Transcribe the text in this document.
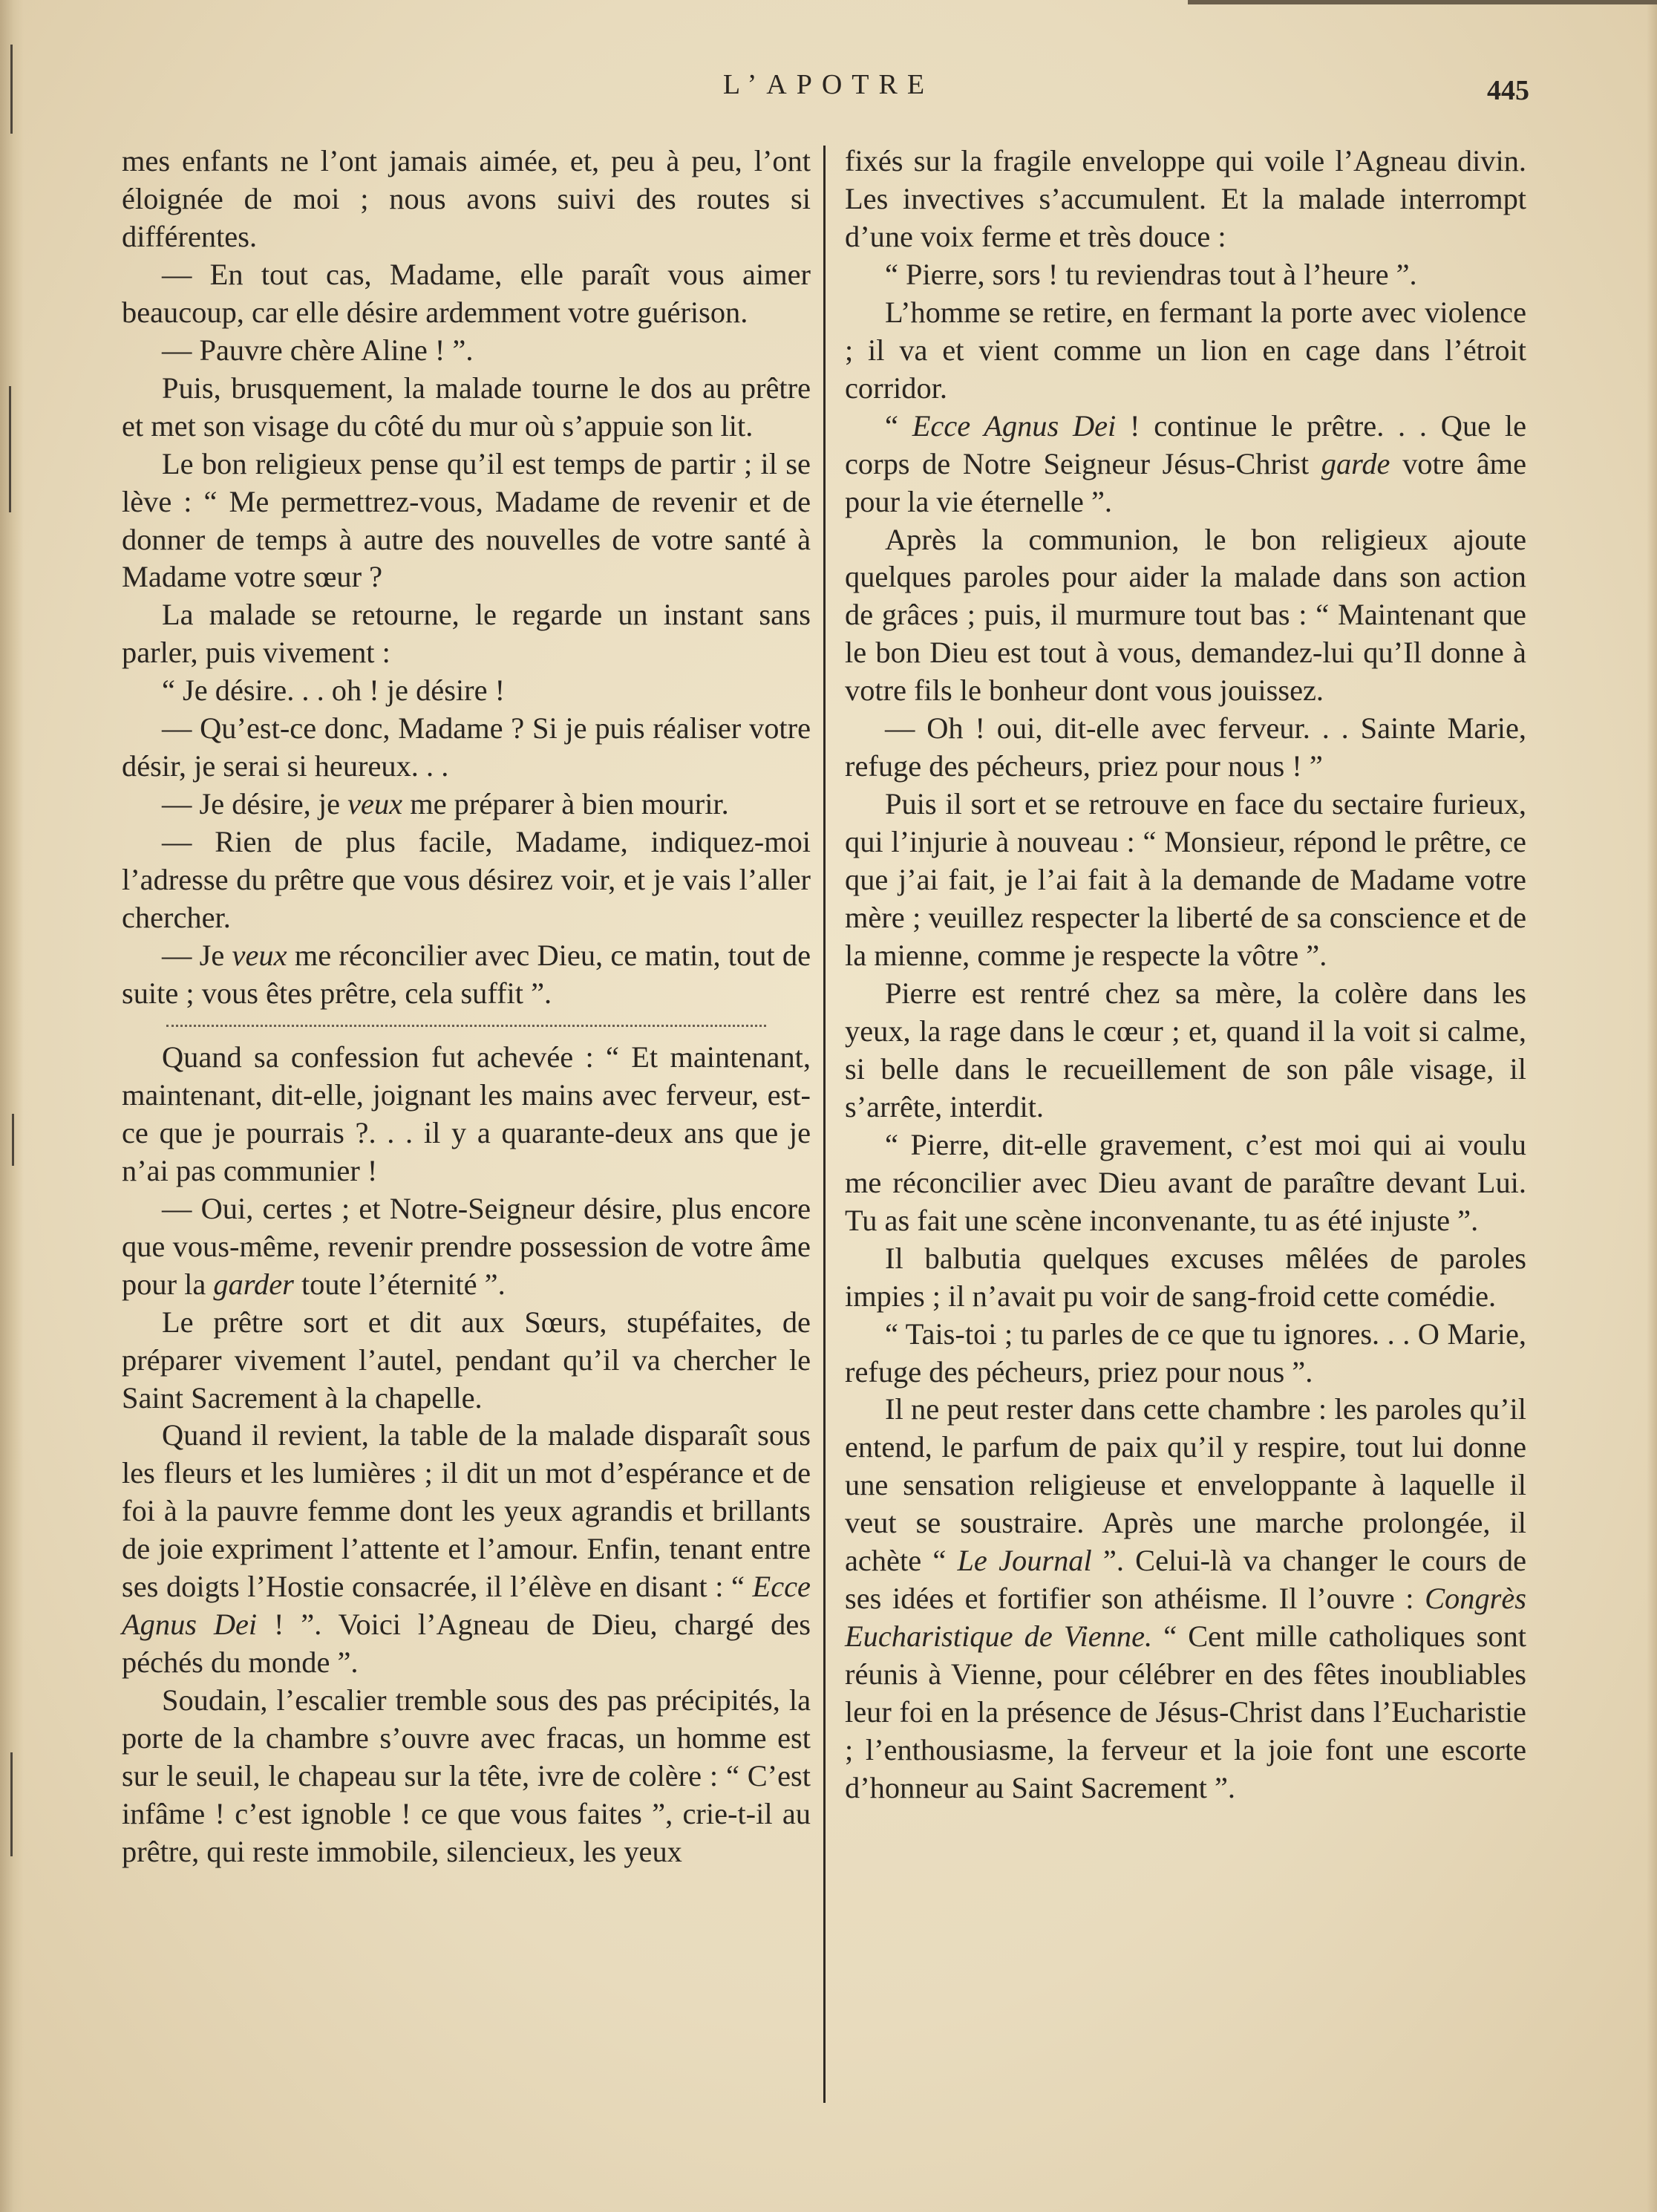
L’APOTRE	445

mes enfants ne l’ont jamais aimée, et, peu à peu, l’ont éloignée de moi ; nous avons suivi des routes si différentes.

— En tout cas, Madame, elle paraît vous aimer beaucoup, car elle désire ardemment votre guérison.

— Pauvre chère Aline ! ”.

Puis, brusquement, la malade tourne le dos au prêtre et met son visage du côté du mur où s’appuie son lit.

Le bon religieux pense qu’il est temps de partir ; il se lève : “ Me permettrez-vous, Madame de revenir et de donner de temps à autre des nouvelles de votre santé à Madame votre sœur ?

La malade se retourne, le regarde un instant sans parler, puis vivement :

“ Je désire. . . oh ! je désire !

— Qu’est-ce donc, Madame ? Si je puis réaliser votre désir, je serai si heureux. . .

— Je désire, je veux me préparer à bien mourir.

— Rien de plus facile, Madame, indiquez-moi l’adresse du prêtre que vous désirez voir, et je vais l’aller chercher.

— Je veux me réconcilier avec Dieu, ce matin, tout de suite ; vous êtes prêtre, cela suffit ”.

Quand sa confession fut achevée : “ Et maintenant, maintenant, dit-elle, joignant les mains avec ferveur, est-ce que je pourrais ?. . . il y a quarante-deux ans que je n’ai pas communier !

— Oui, certes ; et Notre-Seigneur désire, plus encore que vous-même, revenir prendre possession de votre âme pour la garder toute l’éternité ”.

Le prêtre sort et dit aux Sœurs, stupéfaites, de préparer vivement l’autel, pendant qu’il va chercher le Saint Sacrement à la chapelle.

Quand il revient, la table de la malade disparaît sous les fleurs et les lumières ; il dit un mot d’espérance et de foi à la pauvre femme dont les yeux agrandis et brillants de joie expriment l’attente et l’amour. Enfin, tenant entre ses doigts l’Hostie consacrée, il l’élève en disant : “ Ecce Agnus Dei ! ”. Voici l’Agneau de Dieu, chargé des péchés du monde ”.

Soudain, l’escalier tremble sous des pas précipités, la porte de la chambre s’ouvre avec fracas, un homme est sur le seuil, le chapeau sur la tête, ivre de colère : “ C’est infâme ! c’est ignoble ! ce que vous faites ”, crie-t-il au prêtre, qui reste immobile, silencieux, les yeux

fixés sur la fragile enveloppe qui voile l’Agneau divin. Les invectives s’accumulent. Et la malade interrompt d’une voix ferme et très douce :

“ Pierre, sors ! tu reviendras tout à l’heure ”.

L’homme se retire, en fermant la porte avec violence ; il va et vient comme un lion en cage dans l’étroit corridor.

“ Ecce Agnus Dei ! continue le prêtre. . . Que le corps de Notre Seigneur Jésus-Christ garde votre âme pour la vie éternelle ”.

Après la communion, le bon religieux ajoute quelques paroles pour aider la malade dans son action de grâces ; puis, il murmure tout bas : “ Maintenant que le bon Dieu est tout à vous, demandez-lui qu’Il donne à votre fils le bonheur dont vous jouissez.

— Oh ! oui, dit-elle avec ferveur. . . Sainte Marie, refuge des pécheurs, priez pour nous ! ”

Puis il sort et se retrouve en face du sectaire furieux, qui l’injurie à nouveau : “ Monsieur, répond le prêtre, ce que j’ai fait, je l’ai fait à la demande de Madame votre mère ; veuillez respecter la liberté de sa conscience et de la mienne, comme je respecte la vôtre ”.

Pierre est rentré chez sa mère, la colère dans les yeux, la rage dans le cœur ; et, quand il la voit si calme, si belle dans le recueillement de son pâle visage, il s’arrête, interdit.

“ Pierre, dit-elle gravement, c’est moi qui ai voulu me réconcilier avec Dieu avant de paraître devant Lui. Tu as fait une scène inconvenante, tu as été injuste ”.

Il balbutia quelques excuses mêlées de paroles impies ; il n’avait pu voir de sang-froid cette comédie.

“ Tais-toi ; tu parles de ce que tu ignores. . . O Marie, refuge des pécheurs, priez pour nous ”.

Il ne peut rester dans cette chambre : les paroles qu’il entend, le parfum de paix qu’il y respire, tout lui donne une sensation religieuse et enveloppante à laquelle il veut se soustraire. Après une marche prolongée, il achète “ Le Journal ”. Celui-là va changer le cours de ses idées et fortifier son athéisme. Il l’ouvre : Congrès Eucharistique de Vienne. “ Cent mille catholiques sont réunis à Vienne, pour célébrer en des fêtes inoubliables leur foi en la présence de Jésus-Christ dans l’Eucharistie ; l’enthousiasme, la ferveur et la joie font une escorte d’honneur au Saint Sacrement ”.
